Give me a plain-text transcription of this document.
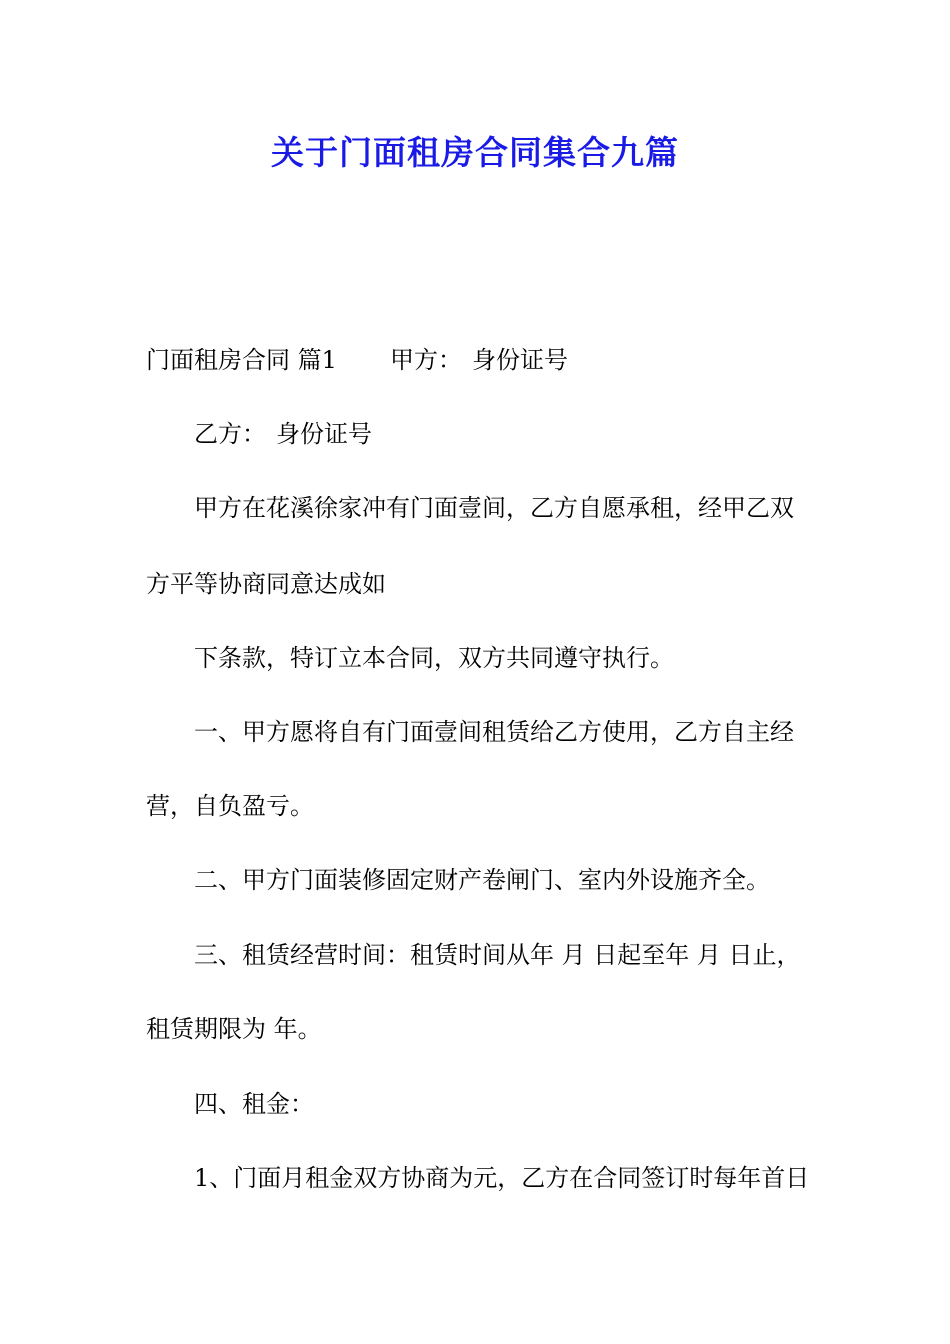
关于门面租房合同集合九篇
门面租房合同 篇1 甲方： 身份证号
乙方： 身份证号
甲方在花溪徐家冲有门面壹间，乙方自愿承租，经甲乙双
方平等协商同意达成如
下条款，特订立本合同，双方共同遵守执行。
一、甲方愿将自有门面壹间租赁给乙方使用，乙方自主经
营，自负盈亏。
二、甲方门面装修固定财产卷闸门、室内外设施齐全。
三、租赁经营时间：租赁时间从年 月 日起至年 月 日止，
租赁期限为 年。
四、租金：
1、门面月租金双方协商为元，乙方在合同签订时每年首日
